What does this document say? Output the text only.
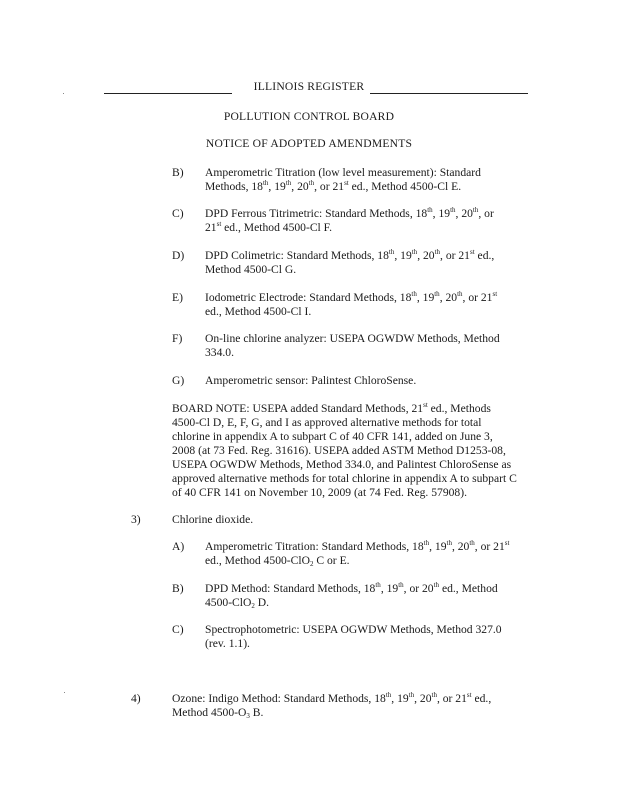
ILLINOIS REGISTER
POLLUTION CONTROL BOARD
NOTICE OF ADOPTED AMENDMENTS
B) Amperometric Titration (low level measurement): Standard
Methods, 18th, 19th, 20th, or 21st ed., Method 4500-Cl E.
C) DPD Ferrous Titrimetric: Standard Methods, 18th, 19th, 20th, or
21st ed., Method 4500-Cl F.
D) DPD Colimetric: Standard Methods, 18th, 19th, 20th, or 21st ed.,
Method 4500-Cl G.
E) Iodometric Electrode: Standard Methods, 18th, 19th, 20th, or 21st
ed., Method 4500-Cl I.
F) On-line chlorine analyzer: USEPA OGWDW Methods, Method
334.0.
G) Amperometric sensor: Palintest ChloroSense.
BOARD NOTE: USEPA added Standard Methods, 21st ed., Methods
4500-Cl D, E, F, G, and I as approved alternative methods for total
chlorine in appendix A to subpart C of 40 CFR 141, added on June 3,
2008 (at 73 Fed. Reg. 31616). USEPA added ASTM Method D1253-08,
USEPA OGWDW Methods, Method 334.0, and Palintest ChloroSense as
approved alternative methods for total chlorine in appendix A to subpart C
of 40 CFR 141 on November 10, 2009 (at 74 Fed. Reg. 57908).
3)	Chlorine dioxide.
A) Amperometric Titration: Standard Methods, 18th, 19th, 20th, or 21st
ed., Method 4500-ClO$_2$ C or E.
B) DPD Method: Standard Methods, 18th, 19th, or 20th ed., Method
4500-ClO$_2$ D.
C) Spectrophotometric: USEPA OGWDW Methods, Method 327.0
(rev. 1.1).
4)	Ozone: Indigo Method: Standard Methods, 18th, 19th, 20th, or 21st ed.,
Method $4500-O_3$ B.
